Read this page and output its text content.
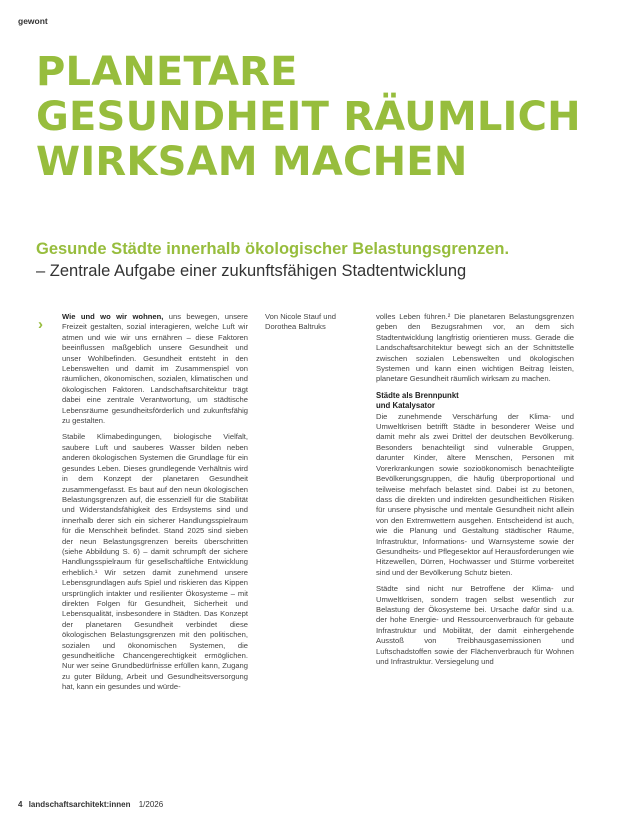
gewont
PLANETARE
GESUNDHEIT RÄUMLICH
WIRKSAM MACHEN
Gesunde Städte innerhalb ökologischer Belastungsgrenzen.
– Zentrale Aufgabe einer zukunftsfähigen Stadtentwicklung
›	Wie und wo wir wohnen, uns bewegen, unsere Freizeit gestalten, sozial interagieren, welche Luft wir atmen und wie wir uns ernähren – diese Faktoren beeinflussen maßgeblich unsere Gesundheit und unser Wohlbefinden. Gesundheit entsteht in den Lebenswelten und damit im Zusammenspiel von räumlichen, ökonomischen, sozialen, klimatischen und ökologischen Faktoren. Landschaftsarchitektur trägt dabei eine zentrale Verantwortung, um städtische Lebensräume gesundheitsförderlich und zukunftsfähig zu gestalten.

Stabile Klimabedingungen, biologische Vielfalt, saubere Luft und sauberes Wasser bilden neben anderen ökologischen Systemen die Grundlage für ein gesundes Leben. Dieses grundlegende Verhältnis wird in dem Konzept der planetaren Gesundheit zusammengefasst. Es baut auf den neun ökologischen Belastungsgrenzen auf, die essenziell für die Stabilität und Widerstandsfähigkeit des Erdsystems sind und innerhalb derer sich ein sicherer Handlungsspielraum für die Menschheit befindet. Stand 2025 sind sieben der neun Belastungsgrenzen bereits überschritten (siehe Abbildung S. 6) – damit schrumpft der sichere Handlungsspielraum für gesellschaftliche Entwicklung erheblich.¹ Wir setzen damit zunehmend unsere Lebensgrundlagen aufs Spiel und riskieren das Kippen ursprünglich intakter und resilienter Ökosysteme – mit direkten Folgen für Gesundheit, Sicherheit und Lebensqualität, insbesondere in Städten. Das Konzept der planetaren Gesundheit verbindet diese ökologischen Belastungsgrenzen mit den politischen, sozialen und ökonomischen Systemen, die gesundheitliche Chancengerechtigkeit ermöglichen. Nur wer seine Grundbedürfnisse erfüllen kann, Zugang zu guter Bildung, Arbeit und Gesundheitsversorgung hat, kann ein gesundes und würde-

Von Nicole Stauf und Dorothea Baltruks

volles Leben führen.² Die planetaren Belastungsgrenzen geben den Bezugsrahmen vor, an dem sich Stadtentwicklung langfristig orientieren muss. Gerade die Landschaftsarchitektur bewegt sich an der Schnittstelle zwischen sozialen Lebenswelten und ökologischen Systemen und kann einen wichtigen Beitrag leisten, planetare Gesundheit räumlich wirksam zu machen.

Städte als Brennpunkt
und Katalysator

Die zunehmende Verschärfung der Klima- und Umweltkrisen betrifft Städte in besonderer Weise und damit mehr als zwei Drittel der deutschen Bevölkerung. Besonders benachteiligt sind vulnerable Gruppen, darunter Kinder, ältere Menschen, Personen mit Vorerkrankungen sowie sozioökonomisch benachteiligte Bevölkerungsgruppen, die häufig überproportional und teilweise mehrfach belastet sind. Dabei ist zu betonen, dass die direkten und indirekten gesundheitlichen Risiken für unsere physische und mentale Gesundheit nicht allein von den Extremwettern ausgehen. Entscheidend ist auch, wie die Planung und Gestaltung städtischer Räume, Infrastruktur, Informations- und Warnsysteme sowie der Gesundheits- und Pflegesektor auf Herausforderungen wie Hitzewellen, Dürren, Hochwasser und Stürme vorbereitet sind und der Bevölkerung Schutz bieten.

Städte sind nicht nur Betroffene der Klima- und Umweltkrisen, sondern tragen selbst wesentlich zur Belastung der Ökosysteme bei. Ursache dafür sind u.a. der hohe Energie- und Ressourcenverbrauch für gebaute Infrastruktur und Mobilität, der damit einhergehende Ausstoß von Treibhausgasemissionen und Luftschadstoffen sowie der Flächenverbrauch für Wohnen und Infrastruktur. Versiegelung und

4 landschaftsarchitekt:innen 1/2026
